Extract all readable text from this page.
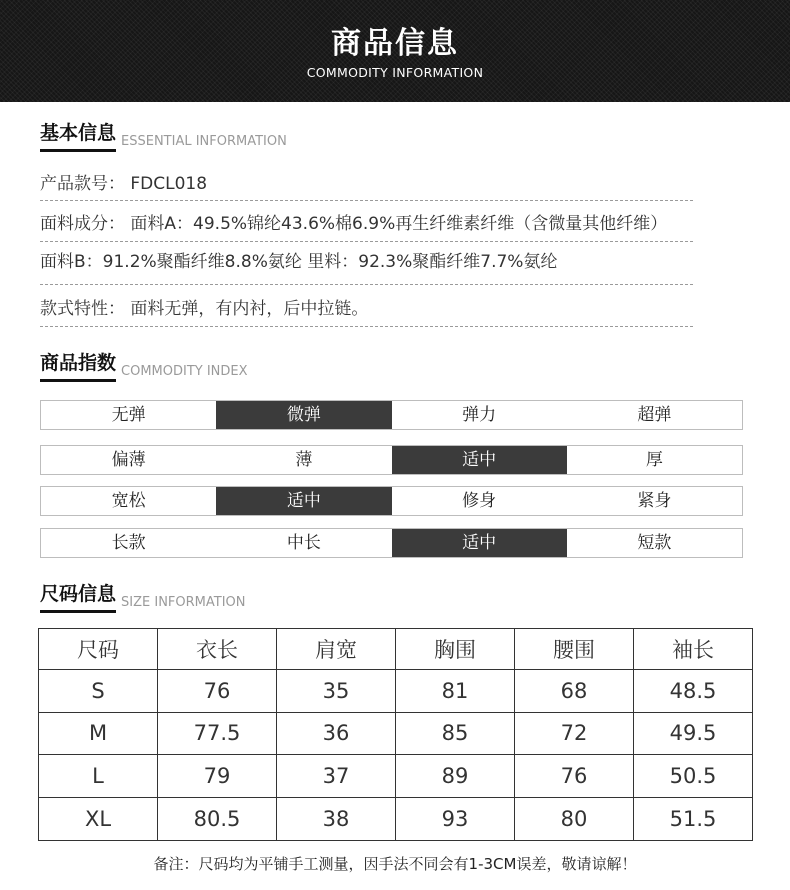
商品信息
COMMODITY INFORMATION
基本信息 ESSENTIAL INFORMATION
产品款号： FDCL018
面料成分： 面料A：49.5%锦纶43.6%棉6.9%再生纤维素纤维（含微量其他纤维）
面料B：91.2%聚酯纤维8.8%氨纶 里料：92.3%聚酯纤维7.7%氨纶
款式特性： 面料无弹，有内衬，后中拉链。
商品指数 COMMODITY INDEX
无弹	微弹	弹力	超弹
偏薄	薄	适中	厚
宽松	适中	修身	紧身
长款	中长	适中	短款
尺码信息 SIZE INFORMATION
尺码	衣长	肩宽	胸围	腰围	袖长
S	76	35	81	68	48.5
M	77.5	36	85	72	49.5
L	79	37	89	76	50.5
XL	80.5	38	93	80	51.5
备注：尺码均为平铺手工测量，因手法不同会有1-3CM误差，敬请谅解！
